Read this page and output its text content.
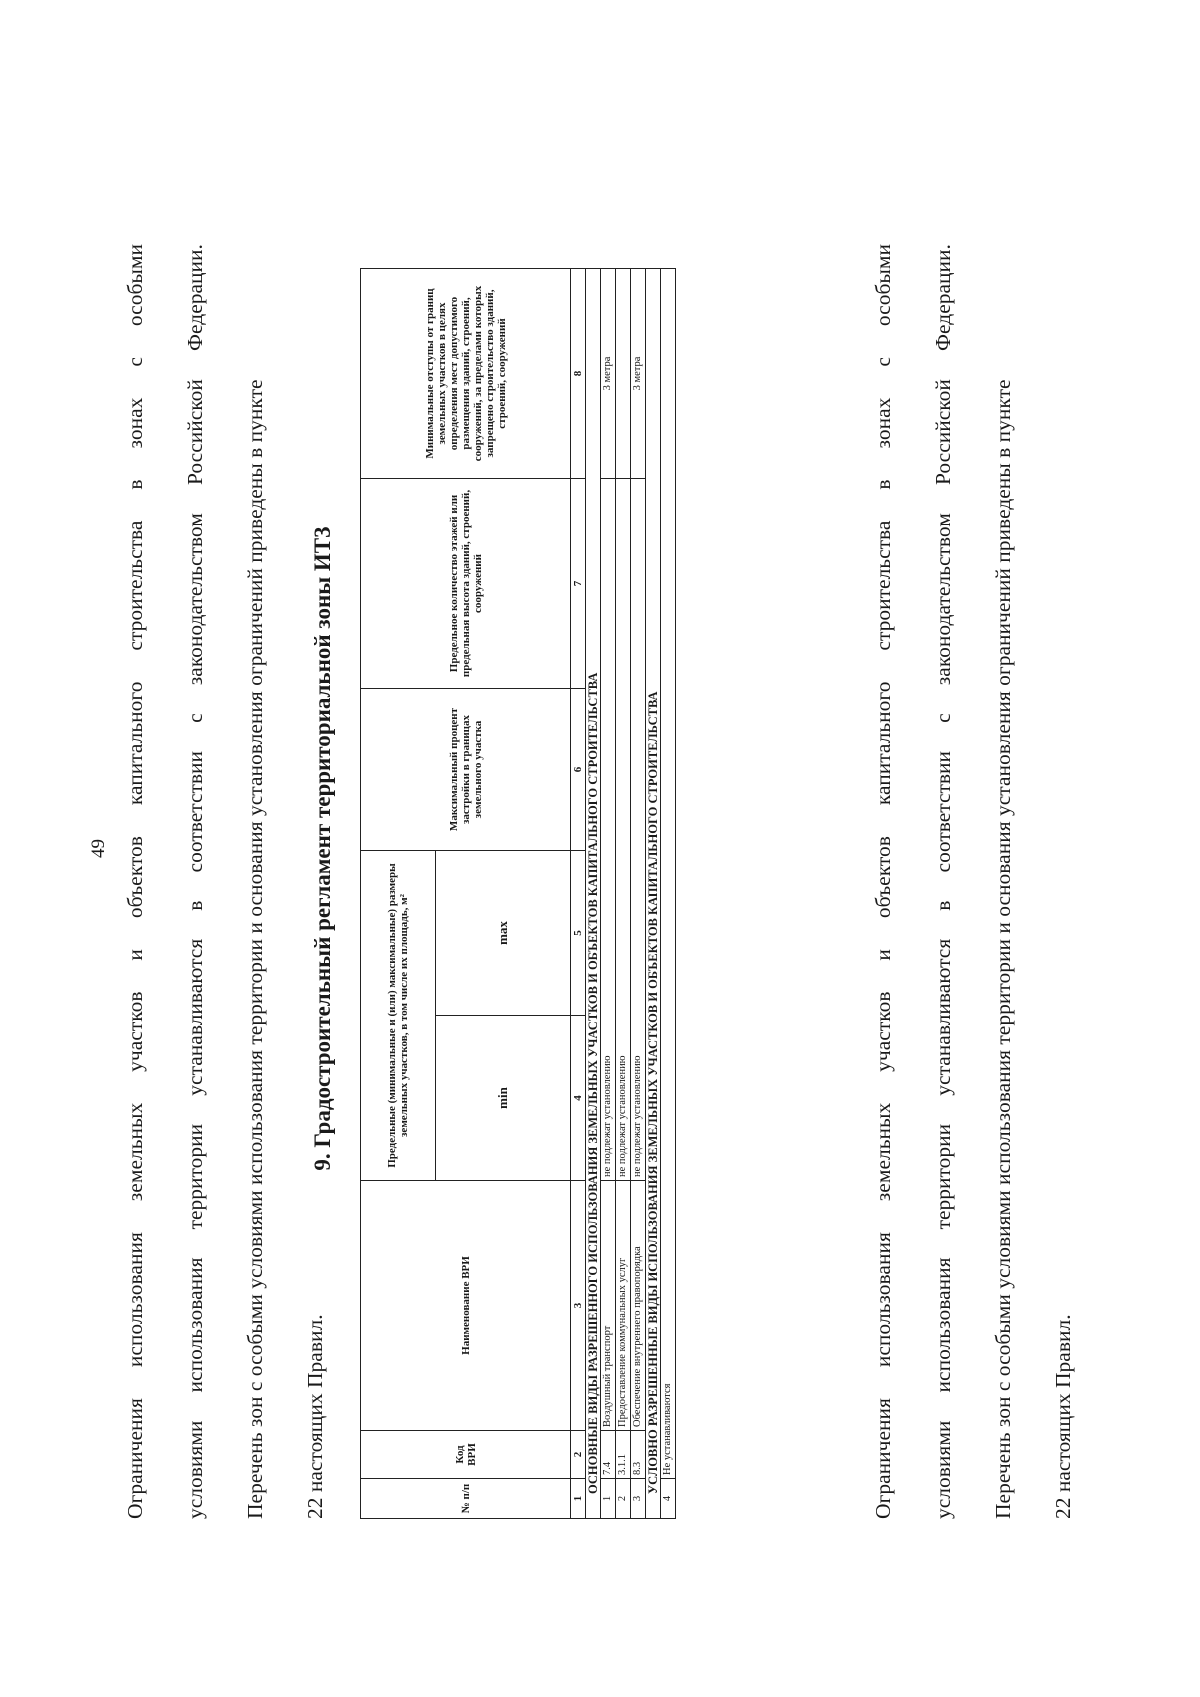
49
Ограничения
использования
земельных
участков
и
объектов
капитального
строительства
в
зонах
с
особыми
условиями
использования
территории
устанавливаются
в
соответствии
с
законодательством
Российской
Федерации.
Перечень зон с особыми условиями использования территории и основания установления ограничений приведены в пункте 22 настоящих Правил.
9. Градостроительный регламент территориальной зоны ИТ3
№ п/п	Код ВРИ	Наименование ВРИ	Предельные (минимальные и (или) максимальные) размеры земельных участков, в том числе их площадь, м²		Максимальный процент застройки в границах земельного участка	Предельное количество этажей или предельная высота зданий, строений, сооружений	Минимальные отступы от границ земельных участков в целях определения мест допустимого размещения зданий, строений, сооружений, за пределами которых запрещено строительство зданий, строений, сооружений
			min	max			
1	2	3	4	5	6	7	8
ОСНОВНЫЕ ВИДЫ РАЗРЕШЕННОГО ИСПОЛЬЗОВАНИЯ ЗЕМЕЛЬНЫХ УЧАСТКОВ И ОБЪЕКТОВ КАПИТАЛЬНОГО СТРОИТЕЛЬСТВА							
1	7.4	Воздушный транспорт	не подлежат установлению				3 метра
2	3.1.1	Предоставление коммунальных услуг	не подлежат установлению				
3	8.3	Обеспечение внутреннего правопорядка	не подлежат установлению				3 метра
УСЛОВНО РАЗРЕШЕННЫЕ ВИДЫ ИСПОЛЬЗОВАНИЯ ЗЕМЕЛЬНЫХ УЧАСТКОВ И ОБЪЕКТОВ КАПИТАЛЬНОГО СТРОИТЕЛЬСТВА							
4	Не устанавливаются							Ограничения
использования
земельных
участков
и
объектов
капитального
строительства
в
зонах
с
особыми
условиями
использования
территории
устанавливаются
в
соответствии
с
законодательством
Российской
Федерации.
Перечень зон с особыми условиями использования территории и основания установления ограничений приведены в пункте 22 настоящих Правил.
